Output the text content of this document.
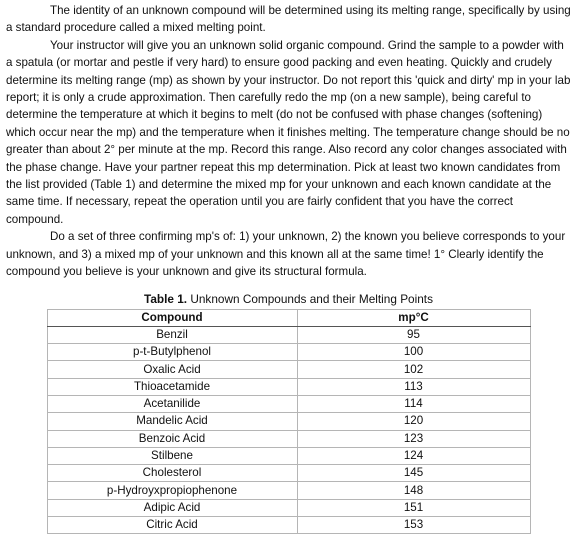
The identity of an unknown compound will be determined using its melting range, specifically by using a standard procedure called a mixed melting point.

Your instructor will give you an unknown solid organic compound. Grind the sample to a powder with a spatula (or mortar and pestle if very hard) to ensure good packing and even heating. Quickly and crudely determine its melting range (mp) as shown by your instructor. Do not report this 'quick and dirty' mp in your lab report; it is only a crude approximation. Then carefully redo the mp (on a new sample), being careful to determine the temperature at which it begins to melt (do not be confused with phase changes (softening) which occur near the mp) and the temperature when it finishes melting. The temperature change should be no greater than about 2° per minute at the mp. Record this range. Also record any color changes associated with the phase change. Have your partner repeat this mp determination. Pick at least two known candidates from the list provided (Table 1) and determine the mixed mp for your unknown and each known candidate at the same time. If necessary, repeat the operation until you are fairly confident that you have the correct compound.

Do a set of three confirming mp's of: 1) your unknown, 2) the known you believe corresponds to your unknown, and 3) a mixed mp of your unknown and this known all at the same time! 1° Clearly identify the compound you believe is your unknown and give its structural formula.

Table 1. Unknown Compounds and their Melting Points
Compound	mp°C
Benzil	95
p-t-Butylphenol	100
Oxalic Acid	102
Thioacetamide	113
Acetanilide	114
Mandelic Acid	120
Benzoic Acid	123
Stilbene	124
Cholesterol	145
p-Hydroyxpropiophenone	148
Adipic Acid	151
Citric Acid	153
